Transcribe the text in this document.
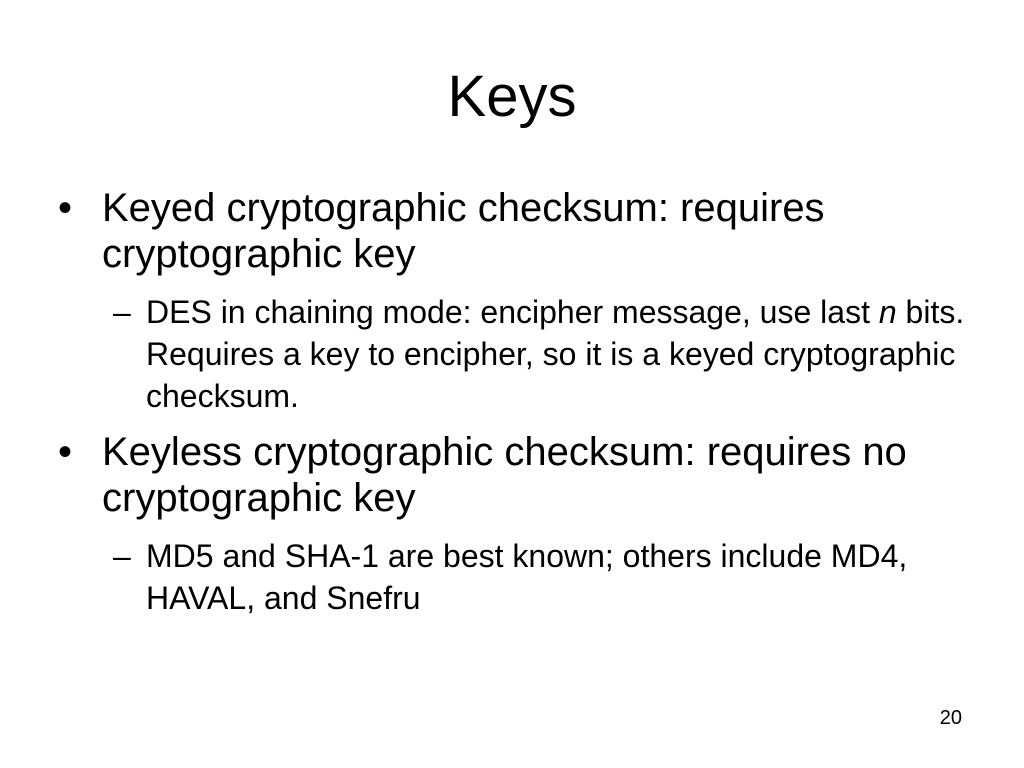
Keys
• Keyed cryptographic checksum: requires cryptographic key
– DES in chaining mode: encipher message, use last n bits. Requires a key to encipher, so it is a keyed cryptographic checksum.
• Keyless cryptographic checksum: requires no cryptographic key
– MD5 and SHA-1 are best known; others include MD4, HAVAL, and Snefru
20
